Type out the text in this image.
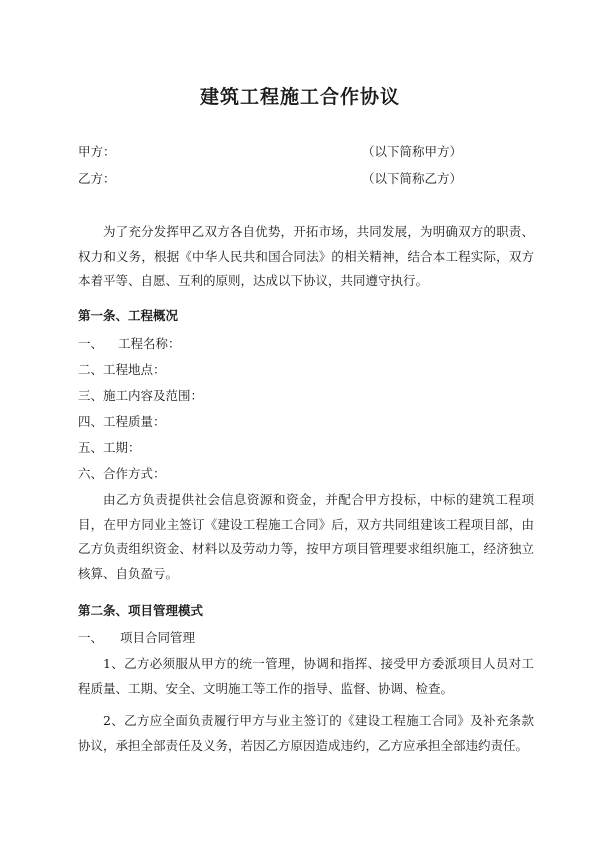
建筑工程施工合作协议
甲方：	（以下简称甲方）
乙方：	（以下简称乙方）
为了充分发挥甲乙双方各自优势，开拓市场，共同发展，为明确双方的职责、权力和义务，根据《中华人民共和国合同法》的相关精神，结合本工程实际，双方本着平等、自愿、互利的原则，达成以下协议，共同遵守执行。
第一条、工程概况
一、 工程名称：
二、工程地点：
三、施工内容及范围：
四、工程质量：
五、工期：
六、合作方式：
由乙方负责提供社会信息资源和资金，并配合甲方投标，中标的建筑工程项目，在甲方同业主签订《建设工程施工合同》后，双方共同组建该工程项目部，由乙方负责组织资金、材料以及劳动力等，按甲方项目管理要求组织施工，经济独立核算、自负盈亏。
第二条、项目管理模式
一、 项目合同管理
1、乙方必须服从甲方的统一管理，协调和指挥、接受甲方委派项目人员对工程质量、工期、安全、文明施工等工作的指导、监督、协调、检查。
2、乙方应全面负责履行甲方与业主签订的《建设工程施工合同》及补充条款协议，承担全部责任及义务，若因乙方原因造成违约，乙方应承担全部违约责任。
